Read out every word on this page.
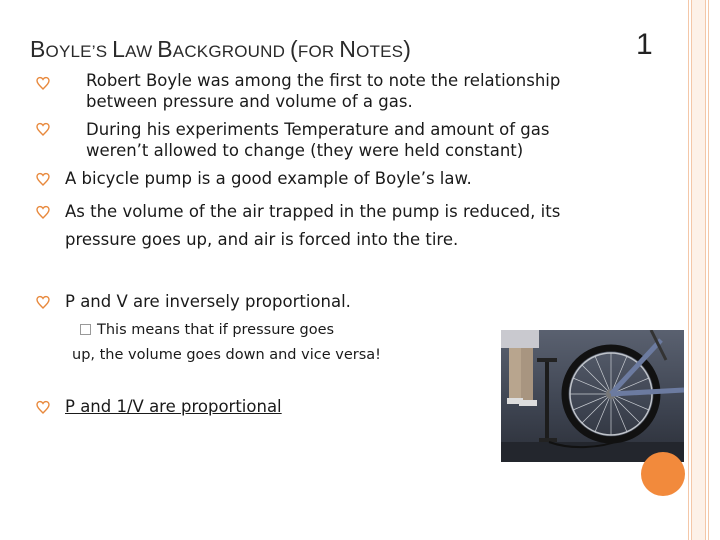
BOYLE’S LAW BACKGROUND (FOR NOTES)	1
Robert Boyle was among the first to note the relationship
between pressure and volume of a gas.
During his experiments Temperature and amount of gas
weren’t allowed to change (they were held constant)
A bicycle pump is a good example of Boyle’s law.
As the volume of the air trapped in the pump is reduced, its
pressure goes up, and air is forced into the tire.
P and V are inversely proportional.
This means that if pressure goes
up, the volume goes down and vice versa!
P and 1/V are proportional
